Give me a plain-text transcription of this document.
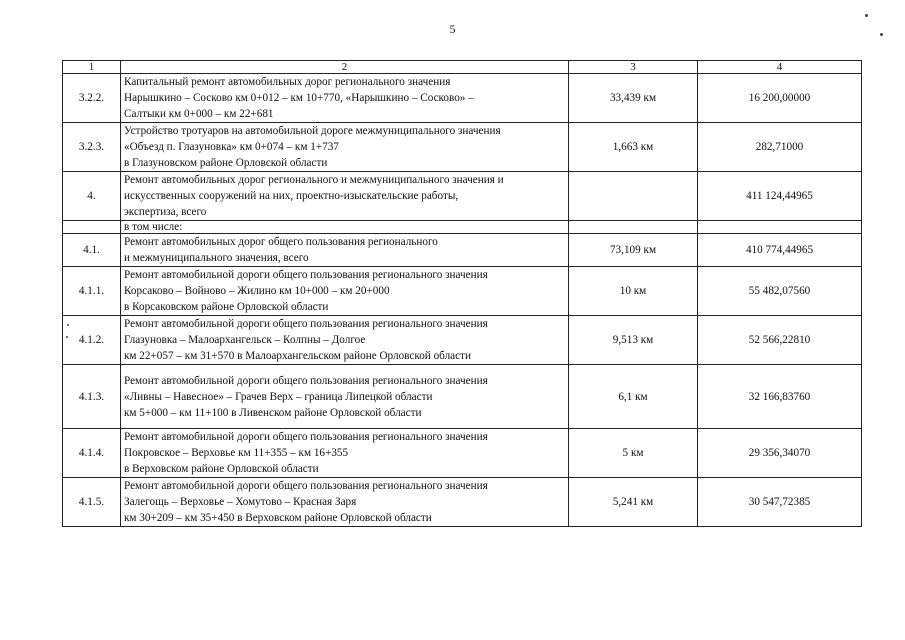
5
1	2	3	4
3.2.2.	Капитальный ремонт автомобильных дорог регионального значения
Нарышкино – Сосково км 0+012 – км 10+770, «Нарышкино – Сосково» –
Салтыки км 0+000 – км 22+681	33,439 км	16 200,00000
3.2.3.	Устройство тротуаров на автомобильной дороге межмуниципального значения
«Объезд п. Глазуновка» км 0+074 – км 1+737
в Глазуновском районе Орловской области	1,663 км	282,71000
4.	Ремонт автомобильных дорог регионального и межмуниципального значения и
искусственных сооружений на них, проектно-изыскательские работы,
экспертиза, всего		411 124,44965
	в том числе:		
4.1.	Ремонт автомобильных дорог общего пользования регионального
и межмуниципального значения, всего	73,109 км	410 774,44965
4.1.1.	Ремонт автомобильной дороги общего пользования регионального значения
Корсаково – Войново – Жилино км 10+000 – км 20+000
в Корсаковском районе Орловской области	10 км	55 482,07560
4.1.2.	Ремонт автомобильной дороги общего пользования регионального значения
Глазуновка – Малоархангельск – Колпны – Долгое
км 22+057 – км 31+570 в Малоархангельском районе Орловской области	9,513 км	52 566,22810
4.1.3.	Ремонт автомобильной дороги общего пользования регионального значения
«Ливны – Навесное» – Грачев Верх – граница Липецкой области
км 5+000 – км 11+100 в Ливенском районе Орловской области	6,1 км	32 166,83760
4.1.4.	Ремонт автомобильной дороги общего пользования регионального значения
Покровское – Верховье км 11+355 – км 16+355
в Верховском районе Орловской области	5 км	29 356,34070
4.1.5.	Ремонт автомобильной дороги общего пользования регионального значения
Залегощь – Верховье – Хомутово – Красная Заря
км 30+209 – км 35+450 в Верховском районе Орловской области	5,241 км	30 547,72385
